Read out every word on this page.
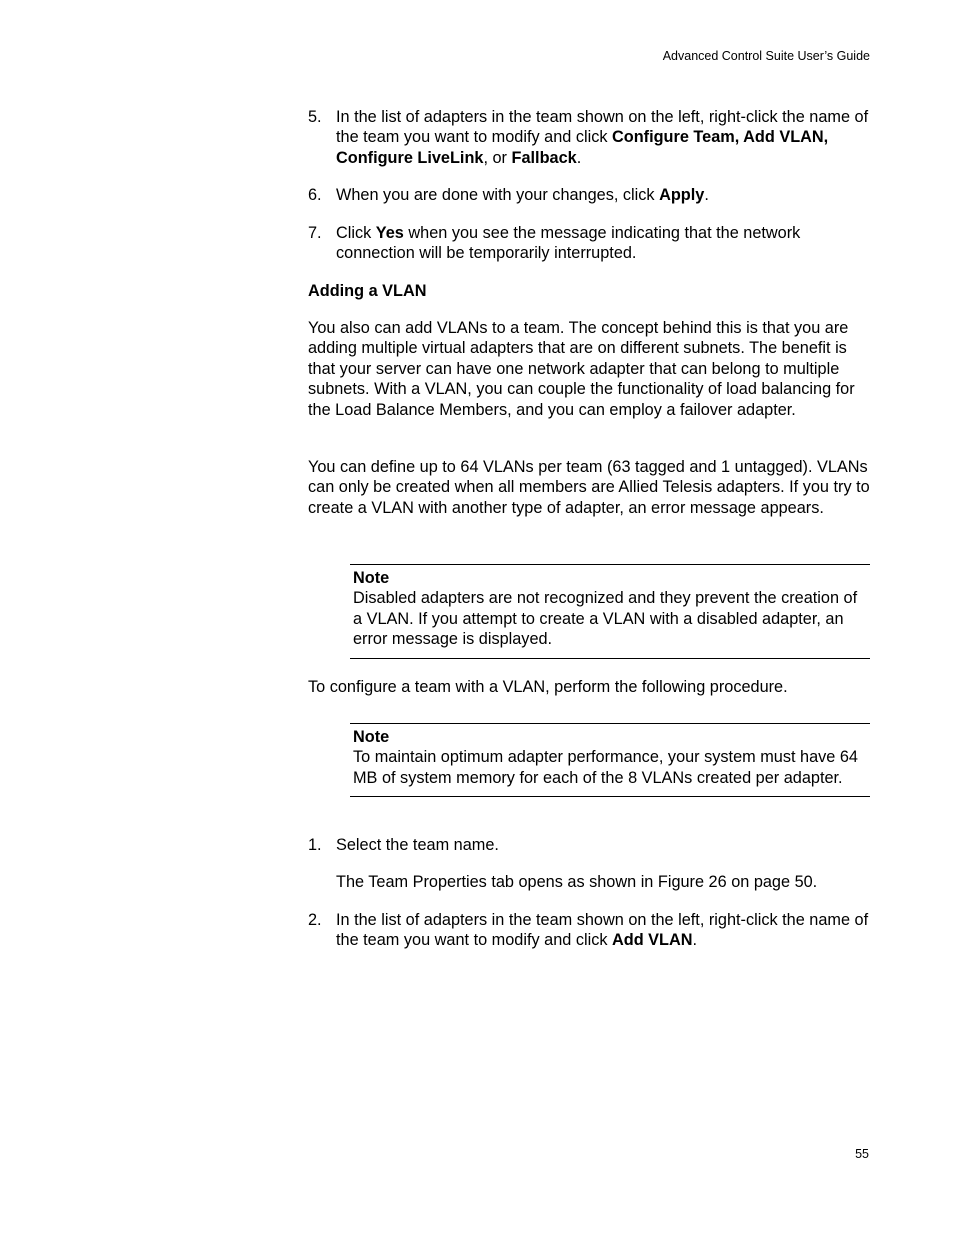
Advanced Control Suite User’s Guide
5. In the list of adapters in the team shown on the left, right-click the name of the team you want to modify and click Configure Team, Add VLAN, Configure LiveLink, or Fallback.
6. When you are done with your changes, click Apply.
7. Click Yes when you see the message indicating that the network connection will be temporarily interrupted.
Adding a VLAN
You also can add VLANs to a team. The concept behind this is that you are adding multiple virtual adapters that are on different subnets. The benefit is that your server can have one network adapter that can belong to multiple subnets. With a VLAN, you can couple the functionality of load balancing for the Load Balance Members, and you can employ a failover adapter.
You can define up to 64 VLANs per team (63 tagged and 1 untagged). VLANs can only be created when all members are Allied Telesis adapters. If you try to create a VLAN with another type of adapter, an error message appears.
Note
Disabled adapters are not recognized and they prevent the creation of a VLAN. If you attempt to create a VLAN with a disabled adapter, an error message is displayed.
To configure a team with a VLAN, perform the following procedure.
Note
To maintain optimum adapter performance, your system must have 64 MB of system memory for each of the 8 VLANs created per adapter.
1. Select the team name.
The Team Properties tab opens as shown in Figure 26 on page 50.
2. In the list of adapters in the team shown on the left, right-click the name of the team you want to modify and click Add VLAN.
55
